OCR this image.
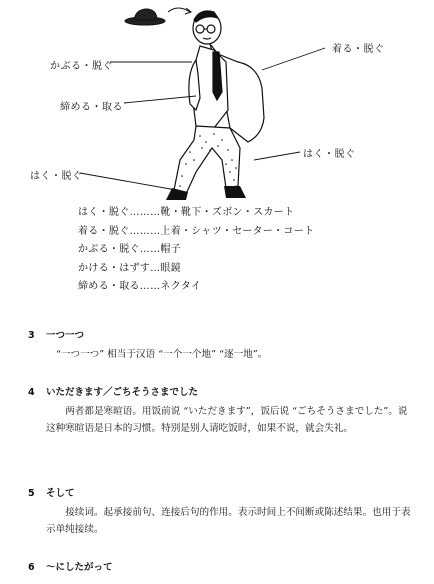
着る・脱ぐ
かぶる・脱ぐ
締める・取る
はく・脱ぐ
はく・脱ぐ
はく・脱ぐ………靴・靴下・ズボン・スカート
着る・脱ぐ………上着・シャツ・セーター・コート
かぶる・脱ぐ……帽子
かける・はずす…眼鏡
締める・取る……ネクタイ
3 一つ一つ

“一つ一つ” 相当于汉语 “一个一个地” “逐一地”。

4 いただきます／ごちそうさまでした

两者都是寒暄语。用饭前说 “いただきます”，饭后说 “ごちそうさまでした”。说这种寒暄语是日本的习惯。特别是别人请吃饭时，如果不说，就会失礼。

5 そして

接续词。起承接前句、连接后句的作用。表示时间上不间断或陈述结果。也用于表示单纯接续。

6 ～にしたがって
